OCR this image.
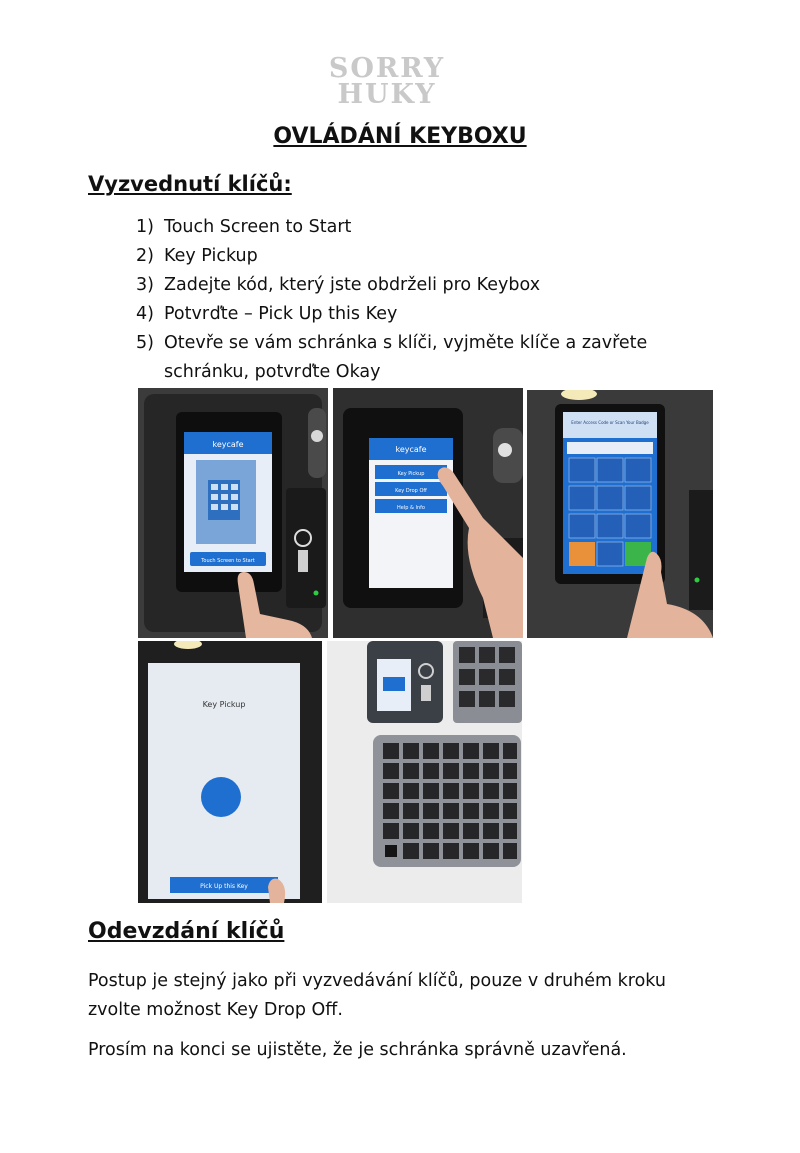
SORRY
HUKY
OVLÁDÁNÍ KEYBOXU
Vyzvednutí klíčů:
1) Touch Screen to Start
2) Key Pickup
3) Zadejte kód, který jste obdrželi pro Keybox
4) Potvrďte – Pick Up this Key
5) Otevře se vám schránka s klíči, vyjměte klíče a zavřete
schránku, potvrďte Okay
keycafe
Touch Screen to Start
keycafe
Key Pickup
Key Drop Off
Help & Info
Enter Access Code or Scan Your Badge
Key Pickup
Pick Up this Key
Odevzdání klíčů
Postup je stejný jako při vyzvedávání klíčů, pouze v druhém kroku
zvolte možnost Key Drop Off.
Prosím na konci se ujistěte, že je schránka správně uzavřená.
